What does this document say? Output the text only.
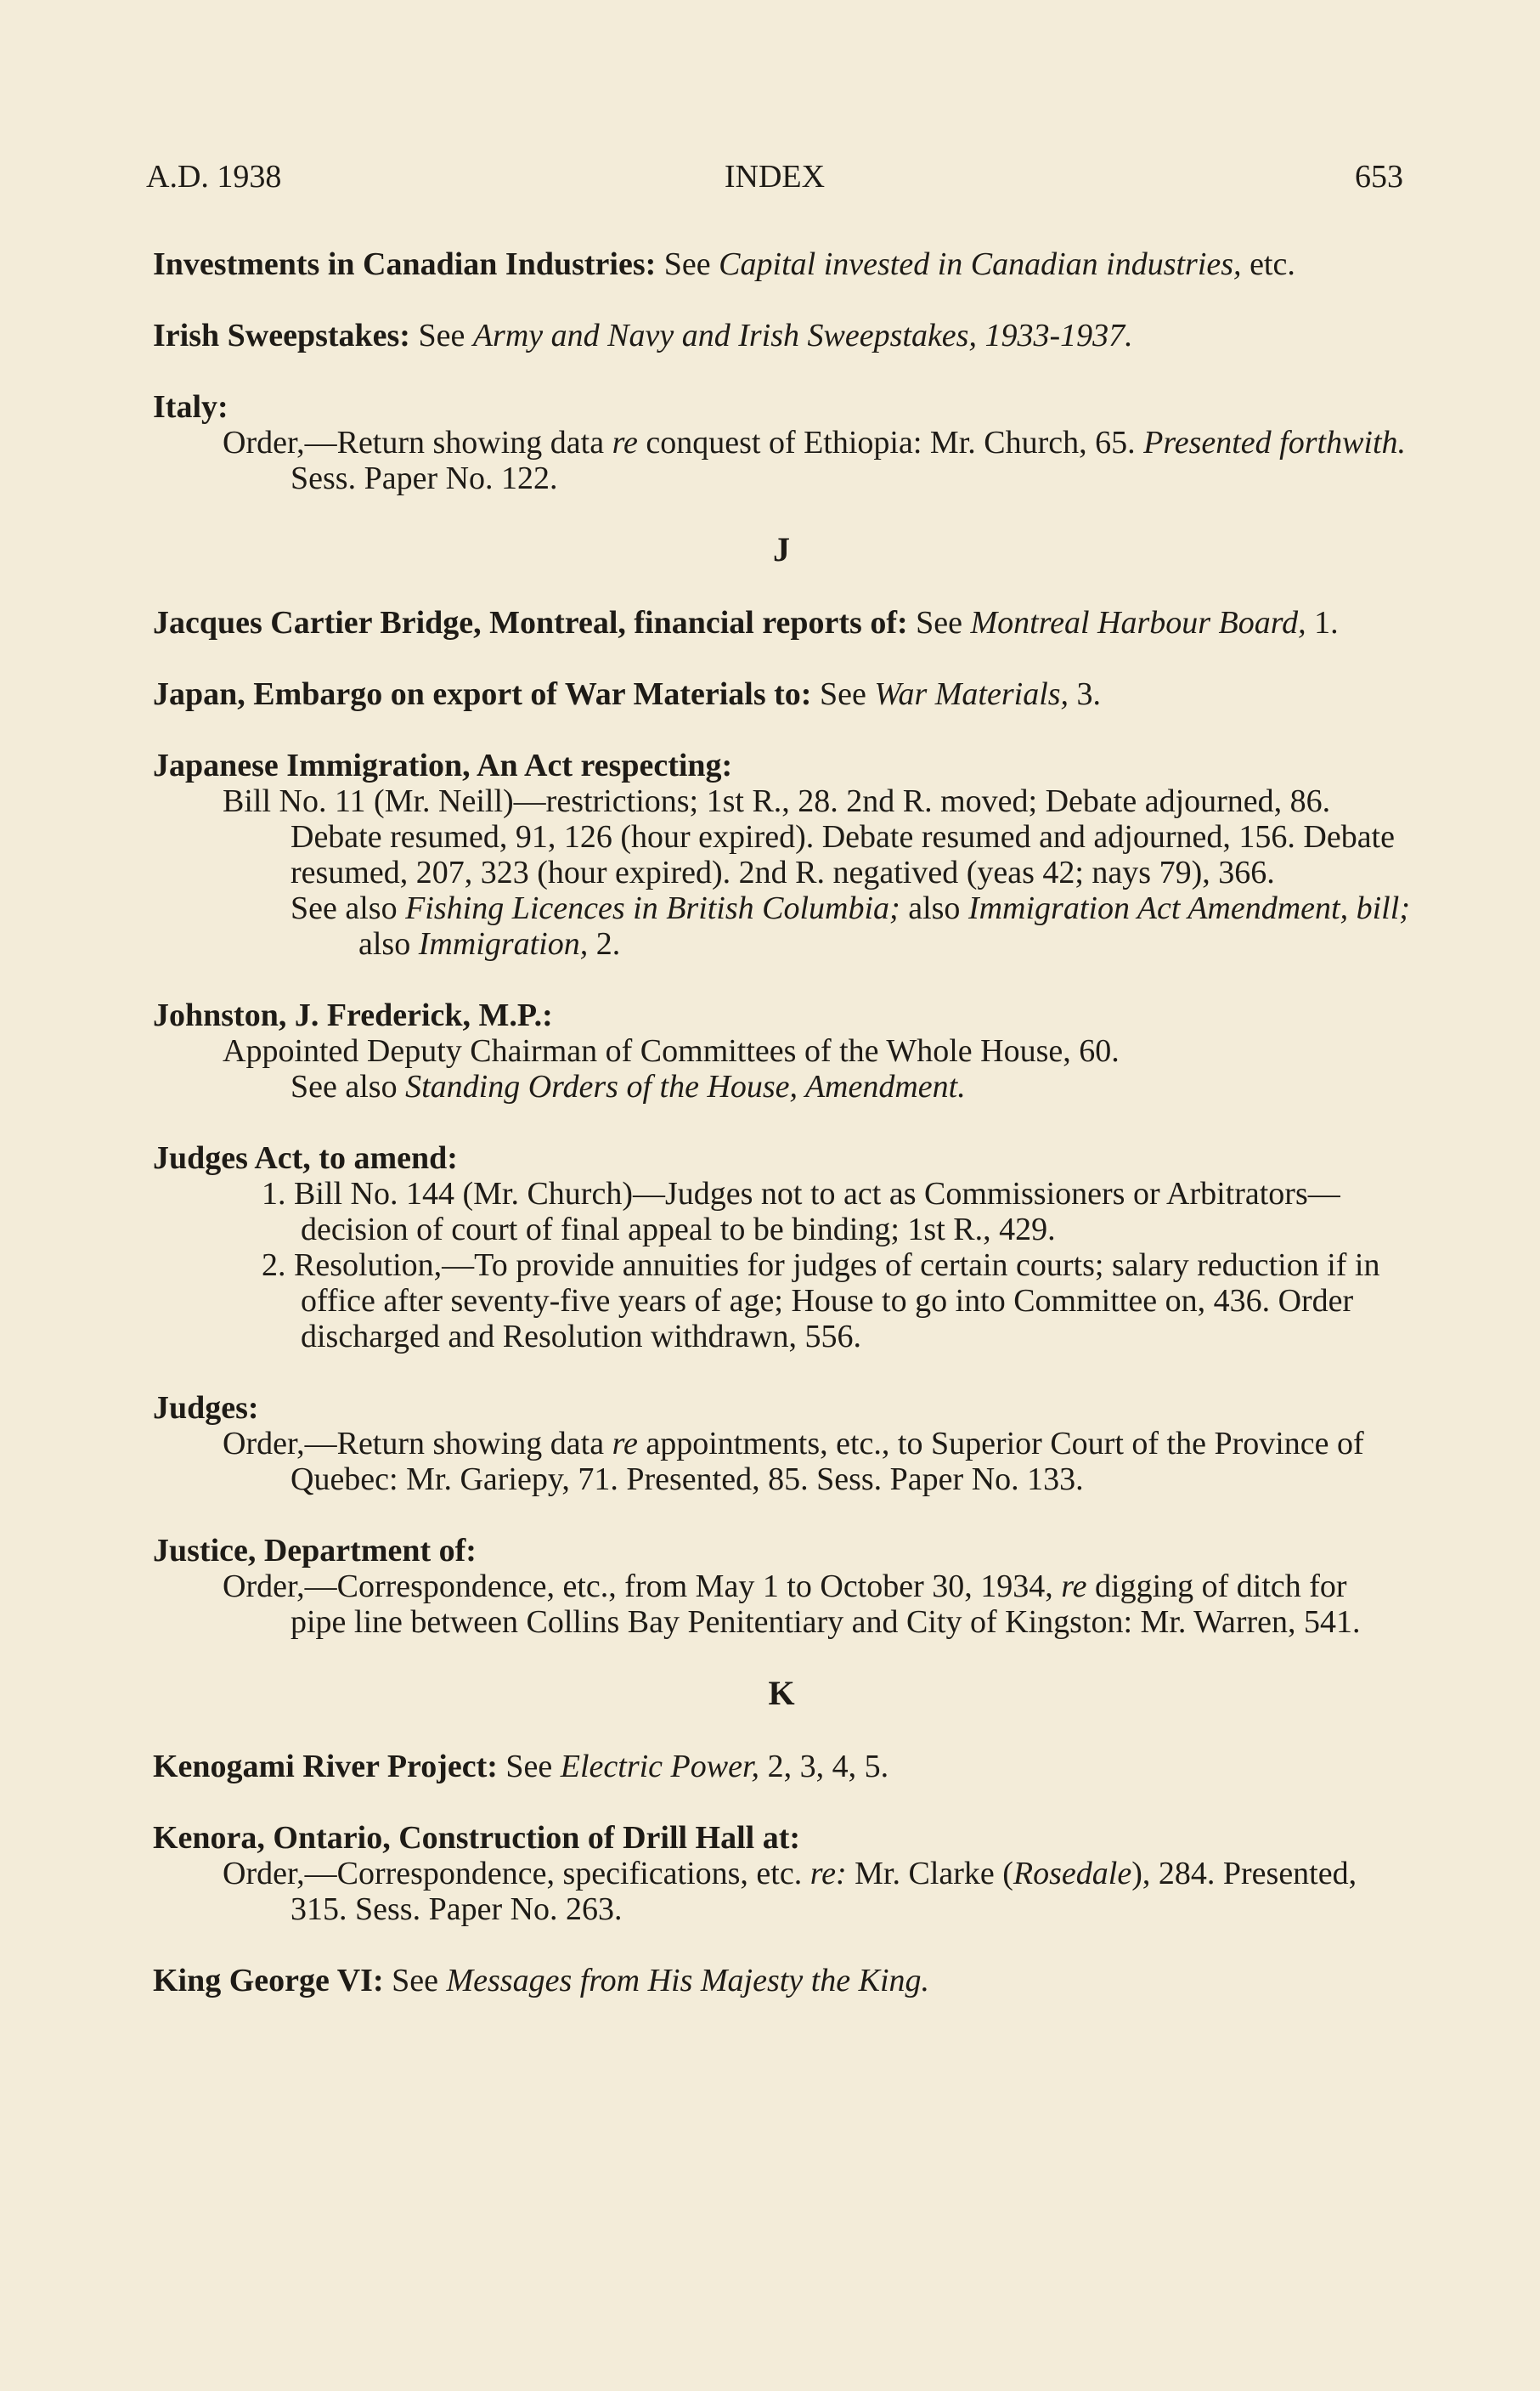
A.D. 1938	INDEX	653
Investments in Canadian Industries: See Capital invested in Canadian industries, etc.
Irish Sweepstakes: See Army and Navy and Irish Sweepstakes, 1933-1937.
Italy:
Order,—Return showing data re conquest of Ethiopia: Mr. Church, 65. Presented forthwith. Sess. Paper No. 122.
J
Jacques Cartier Bridge, Montreal, financial reports of: See Montreal Harbour Board, 1.
Japan, Embargo on export of War Materials to: See War Materials, 3.
Japanese Immigration, An Act respecting:
Bill No. 11 (Mr. Neill)—restrictions; 1st R., 28. 2nd R. moved; Debate adjourned, 86. Debate resumed, 91, 126 (hour expired). Debate resumed and adjourned, 156. Debate resumed, 207, 323 (hour expired). 2nd R. negatived (yeas 42; nays 79), 366.
See also Fishing Licences in British Columbia; also Immigration Act Amendment, bill; also Immigration, 2.
Johnston, J. Frederick, M.P.:
Appointed Deputy Chairman of Committees of the Whole House, 60.
See also Standing Orders of the House, Amendment.
Judges Act, to amend:
1. Bill No. 144 (Mr. Church)—Judges not to act as Commissioners or Arbitrators—decision of court of final appeal to be binding; 1st R., 429.
2. Resolution,—To provide annuities for judges of certain courts; salary reduction if in office after seventy-five years of age; House to go into Committee on, 436. Order discharged and Resolution withdrawn, 556.
Judges:
Order,—Return showing data re appointments, etc., to Superior Court of the Province of Quebec: Mr. Gariepy, 71. Presented, 85. Sess. Paper No. 133.
Justice, Department of:
Order,—Correspondence, etc., from May 1 to October 30, 1934, re digging of ditch for pipe line between Collins Bay Penitentiary and City of Kingston: Mr. Warren, 541.
K
Kenogami River Project: See Electric Power, 2, 3, 4, 5.
Kenora, Ontario, Construction of Drill Hall at:
Order,—Correspondence, specifications, etc. re: Mr. Clarke (Rosedale), 284. Presented, 315. Sess. Paper No. 263.
King George VI: See Messages from His Majesty the King.
